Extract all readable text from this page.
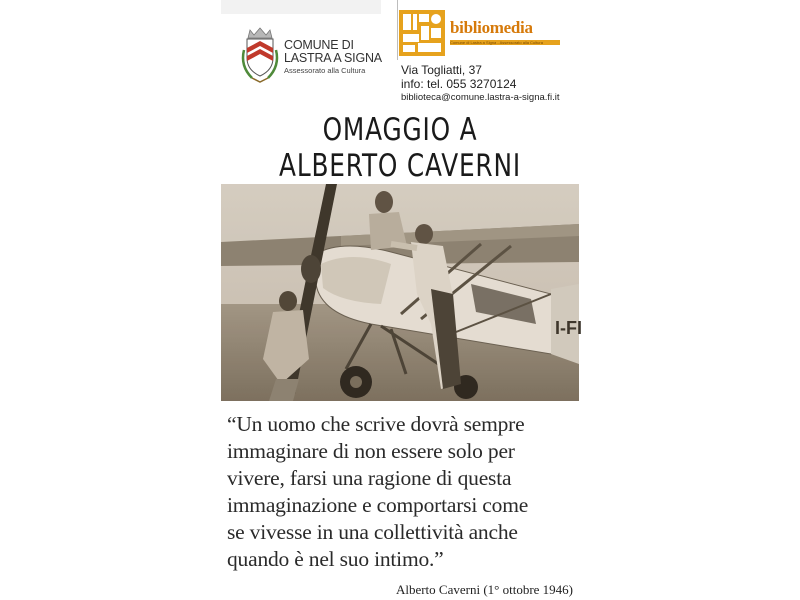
COMUNE DI
LASTRA A SIGNA
Assessorato alla Cultura
bibliomedia
Comune di Lastra a Signa - Assessorato alla Cultura
Via Togliatti, 37
info: tel. 055 3270124
biblioteca@comune.lastra-a-signa.fi.it
OMAGGIO A
ALBERTO CAVERNI
I-FI
“Un uomo che scrive dovrà sempre
immaginare di non essere solo per
vivere, farsi una ragione di questa
immaginazione e comportarsi come
se vivesse in una collettività anche
quando è nel suo intimo.”
Alberto Caverni (1° ottobre 1946)
